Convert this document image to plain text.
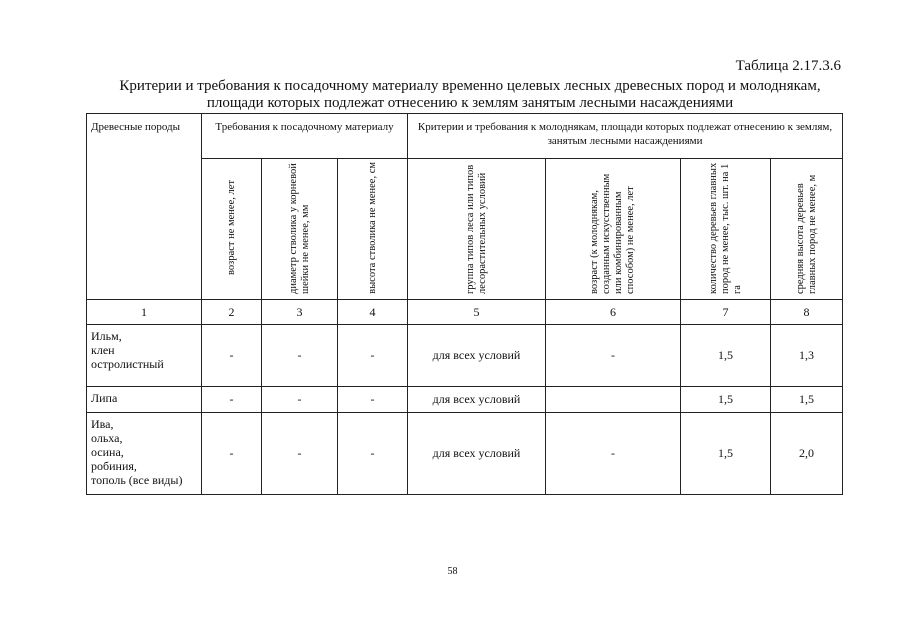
Таблица 2.17.3.6
Критерии и требования к посадочному материалу временно целевых лесных древесных пород и молоднякам,
площади которых подлежат отнесению к землям занятым лесными насаждениями
Древесные породы	Требования к посадочному материалу			Критерии и требования к молоднякам, площади которых подлежат отнесению к землям, занятым лесными насаждениями			
	возраст не менее, лет	диаметр стволика у корневой шейки не менее, мм	высота стволика не менее, см	группа типов леса или типов лесорастительных условий	возраст (к молоднякам, созданным искусственным или комбинированным способом) не менее, лет	количество деревьев главных пород не менее, тыс. шт. на 1 га	средняя высота деревьев главных пород не менее, м
1	2	3	4	5	6	7	8
Ильм,
клен
остролистный	-	-	-	для всех условий	-	1,5	1,3
Липа	-	-	-	для всех условий		1,5	1,5
Ива,
ольха,
осина,
робиния,
тополь (все виды)	-	-	-	для всех условий	-	1,5	2,0
58
